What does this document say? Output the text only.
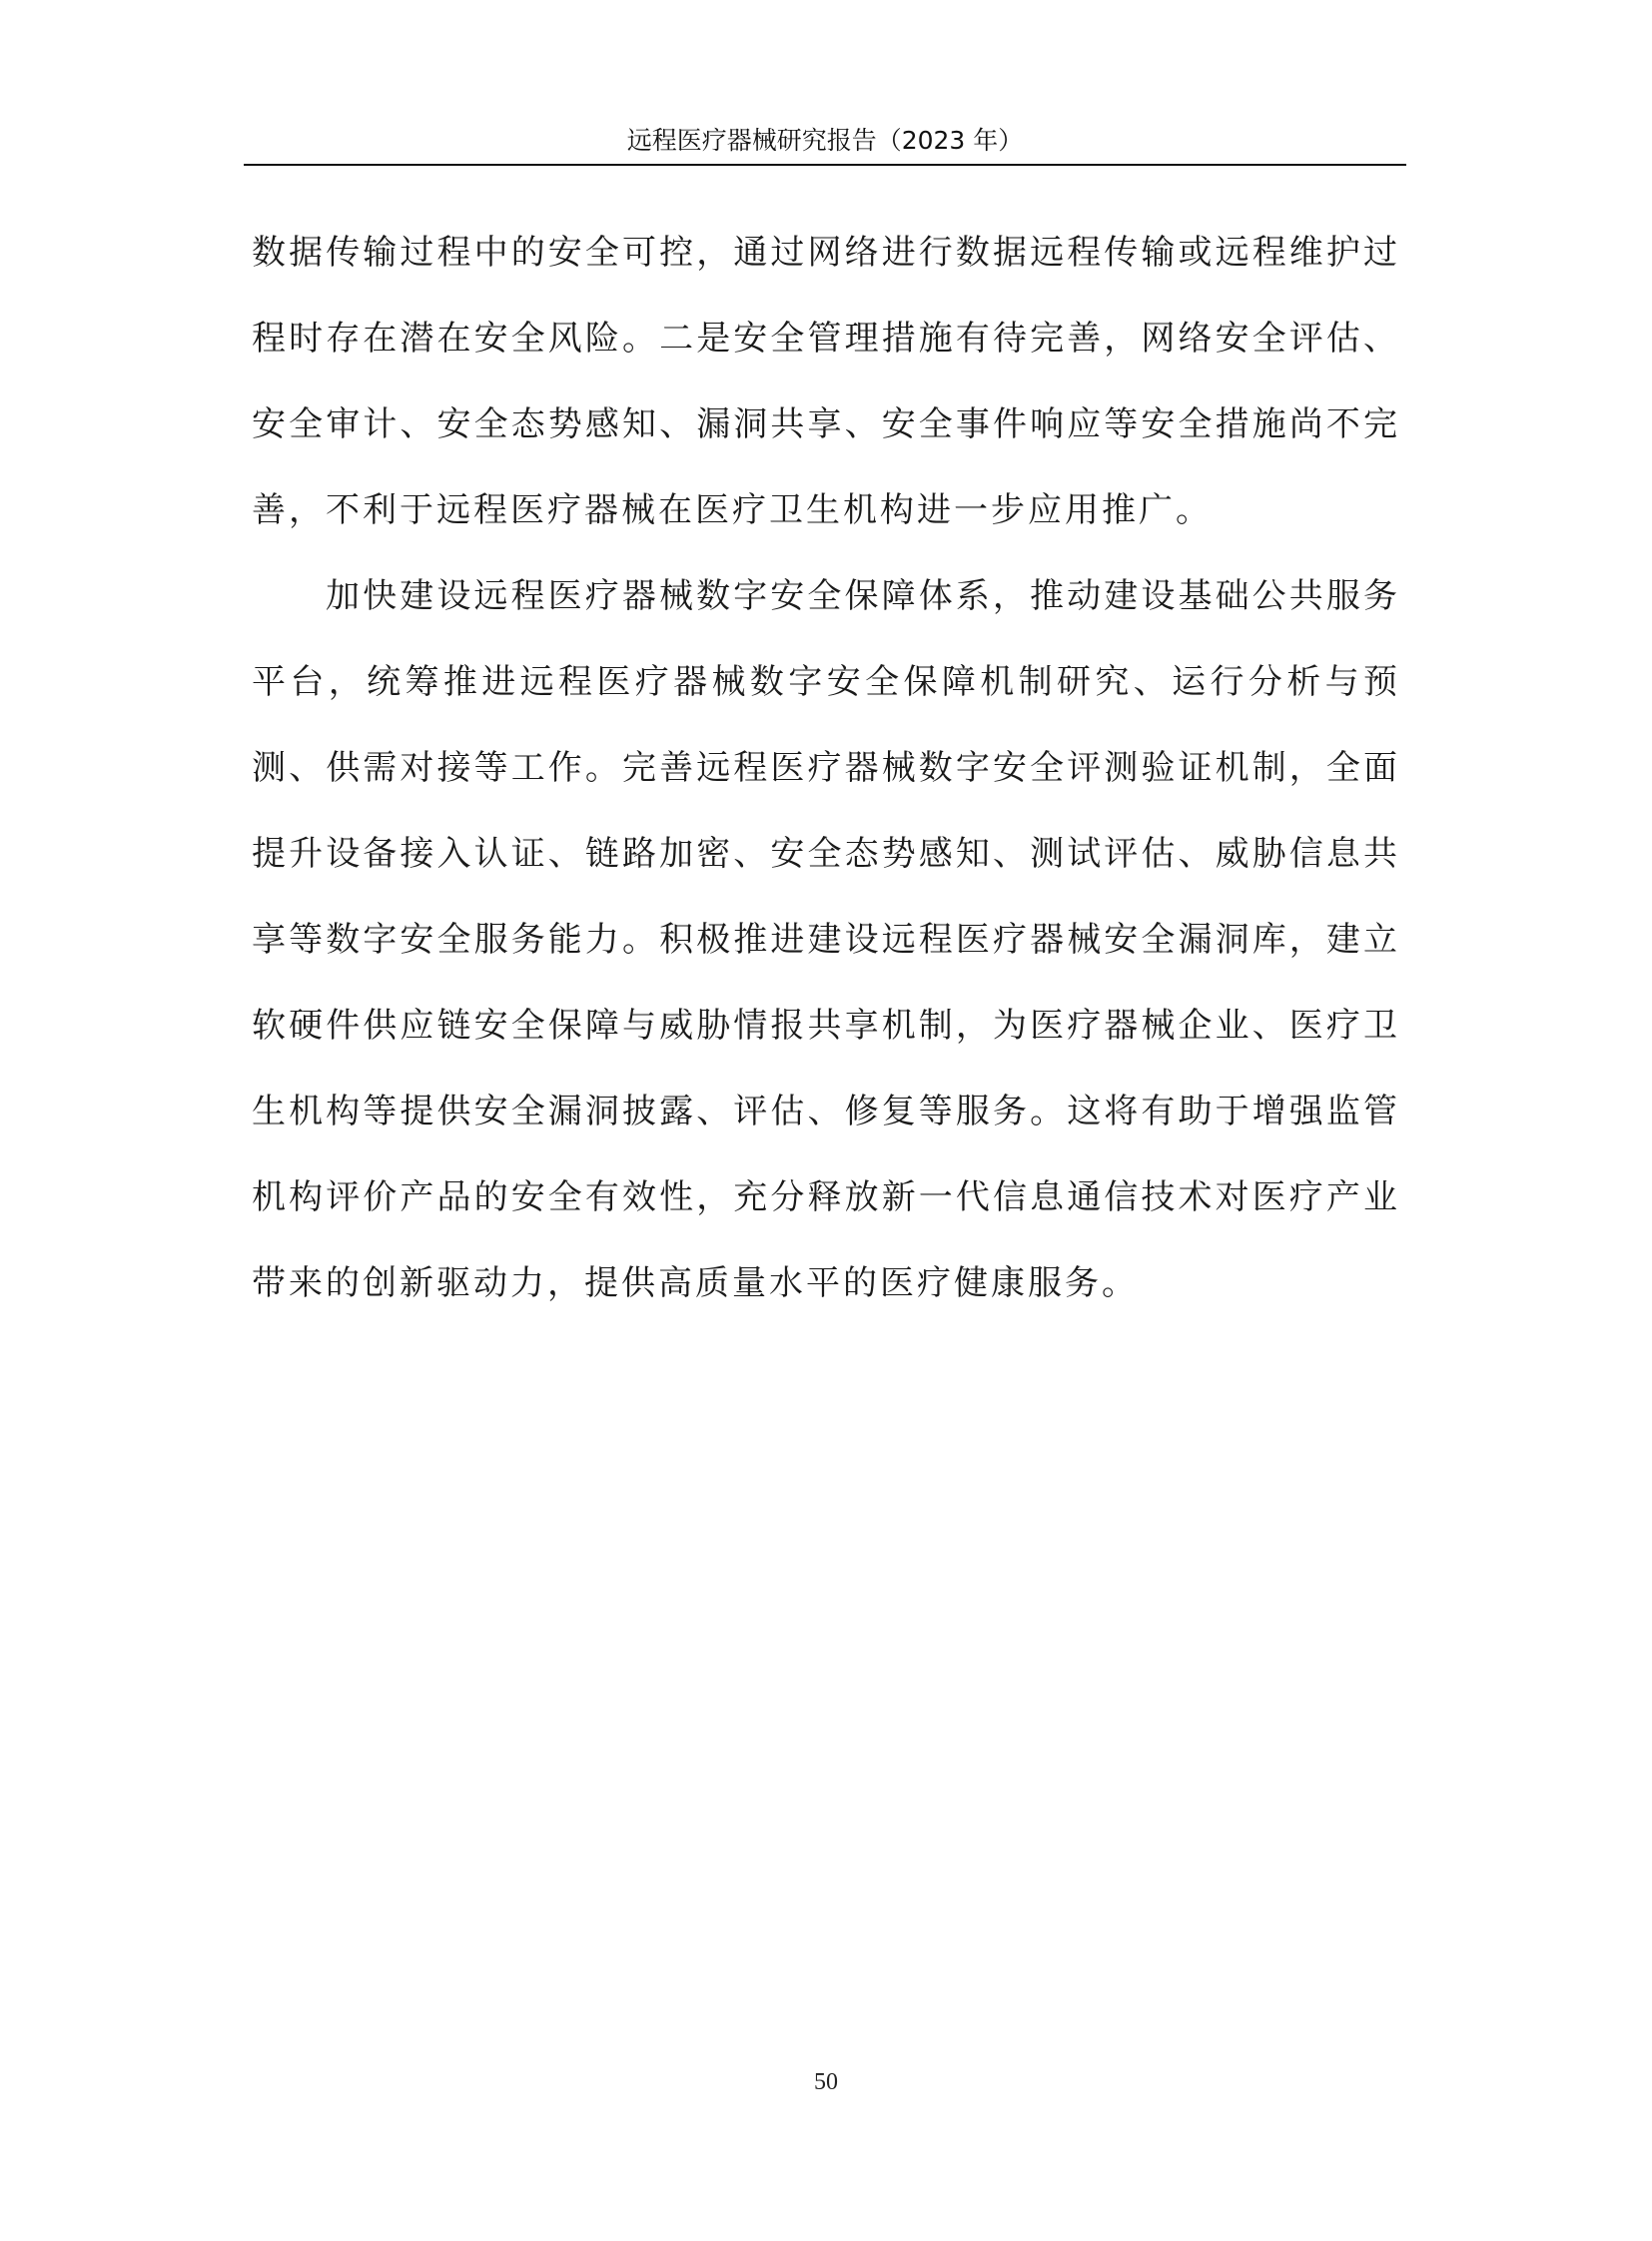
远程医疗器械研究报告（2023 年）

数据传输过程中的安全可控，通过网络进行数据远程传输或远程维护过程时存在潜在安全风险。二是安全管理措施有待完善，网络安全评估、安全审计、安全态势感知、漏洞共享、安全事件响应等安全措施尚不完善，不利于远程医疗器械在医疗卫生机构进一步应用推广。

加快建设远程医疗器械数字安全保障体系，推动建设基础公共服务平台，统筹推进远程医疗器械数字安全保障机制研究、运行分析与预测、供需对接等工作。完善远程医疗器械数字安全评测验证机制，全面提升设备接入认证、链路加密、安全态势感知、测试评估、威胁信息共享等数字安全服务能力。积极推进建设远程医疗器械安全漏洞库，建立软硬件供应链安全保障与威胁情报共享机制，为医疗器械企业、医疗卫生机构等提供安全漏洞披露、评估、修复等服务。这将有助于增强监管机构评价产品的安全有效性，充分释放新一代信息通信技术对医疗产业带来的创新驱动力，提供高质量水平的医疗健康服务。

50
